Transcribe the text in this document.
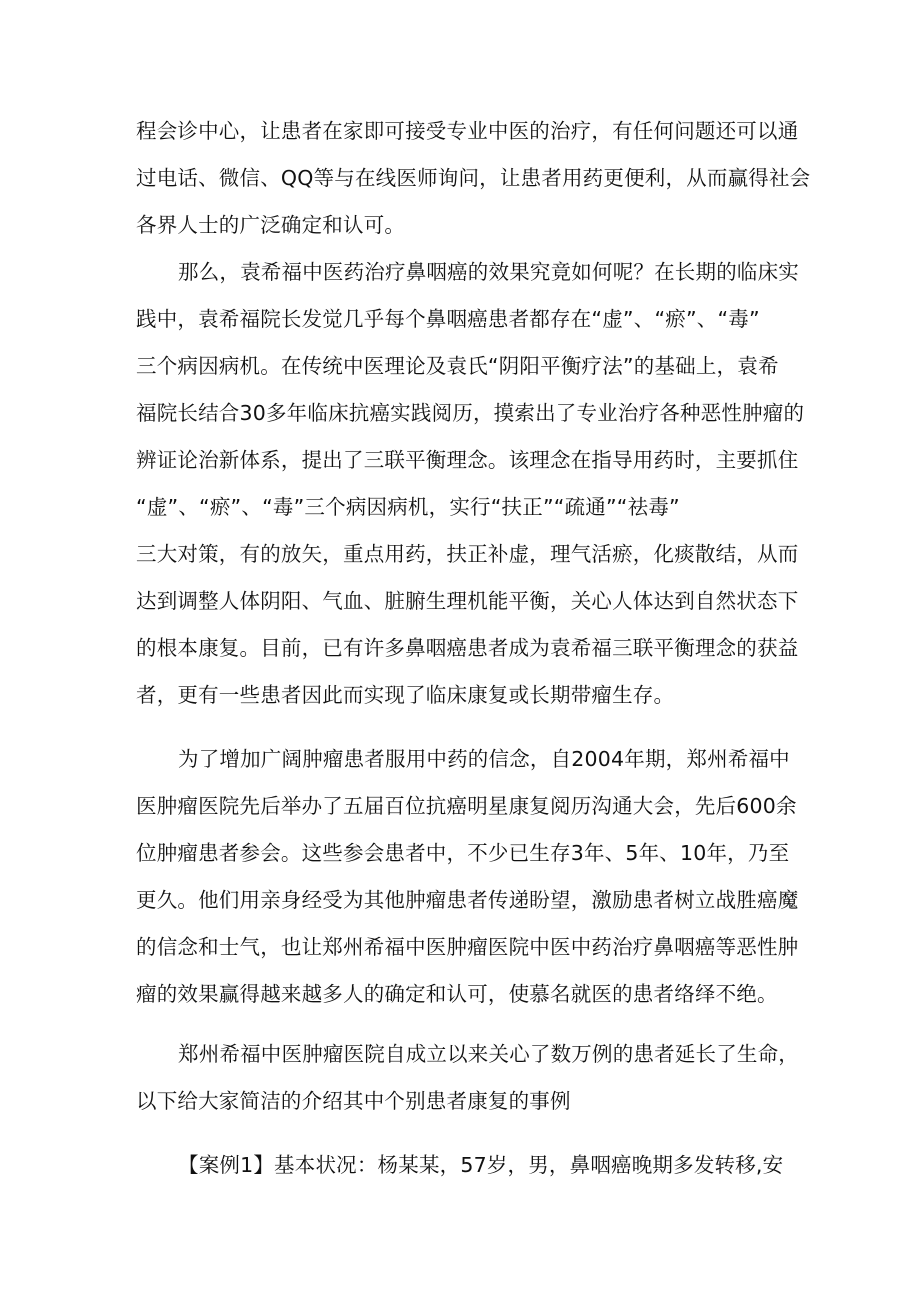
程会诊中心，让患者在家即可接受专业中医的治疗，有任何问题还可以通
过电话、微信、QQ等与在线医师询问，让患者用药更便利，从而赢得社会
各界人士的广泛确定和认可。
那么，袁希福中医药治疗鼻咽癌的效果究竟如何呢？在长期的临床实
践中，袁希福院长发觉几乎每个鼻咽癌患者都存在“虚”、“瘀”、“毒”
三个病因病机。在传统中医理论及袁氏“阴阳平衡疗法”的基础上，袁希
福院长结合30多年临床抗癌实践阅历，摸索出了专业治疗各种恶性肿瘤的
辨证论治新体系，提出了三联平衡理念。该理念在指导用药时，主要抓住
“虚”、“瘀”、“毒”三个病因病机，实行“扶正”“疏通”“祛毒”
三大对策，有的放矢，重点用药，扶正补虚，理气活瘀，化痰散结，从而
达到调整人体阴阳、气血、脏腑生理机能平衡，关心人体达到自然状态下
的根本康复。目前，已有许多鼻咽癌患者成为袁希福三联平衡理念的获益
者，更有一些患者因此而实现了临床康复或长期带瘤生存。
为了增加广阔肿瘤患者服用中药的信念，自2004年期，郑州希福中
医肿瘤医院先后举办了五届百位抗癌明星康复阅历沟通大会，先后600余
位肿瘤患者参会。这些参会患者中，不少已生存3年、5年、10年，乃至
更久。他们用亲身经受为其他肿瘤患者传递盼望，激励患者树立战胜癌魔
的信念和士气，也让郑州希福中医肿瘤医院中医中药治疗鼻咽癌等恶性肿
瘤的效果赢得越来越多人的确定和认可，使慕名就医的患者络绎不绝。
郑州希福中医肿瘤医院自成立以来关心了数万例的患者延长了生命，
以下给大家简洁的介绍其中个别患者康复的事例
【案例1】基本状况：杨某某，57岁，男，鼻咽癌晚期多发转移,安
